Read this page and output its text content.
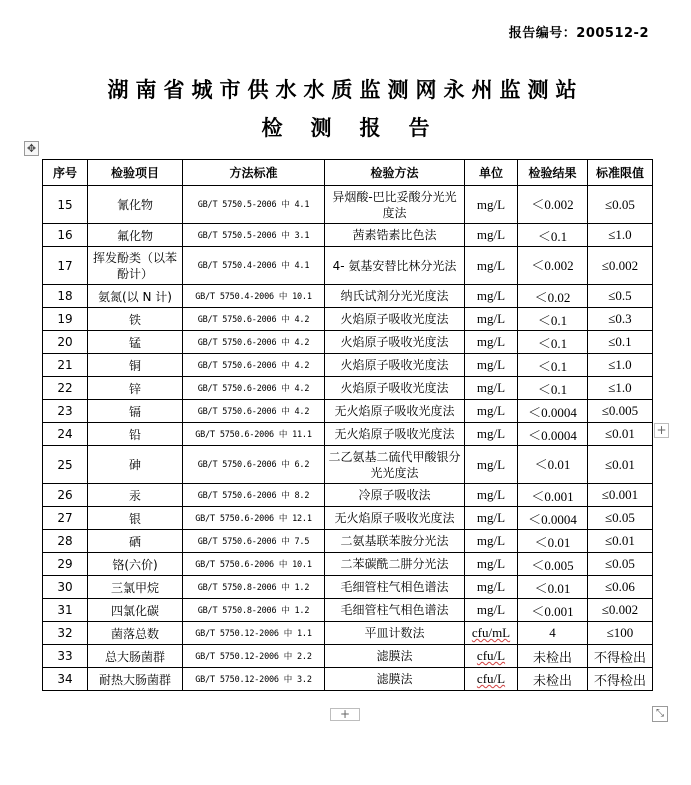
报告编号：200512-2
湖南省城市供水水质监测网永州监测站
检测报告
✥
序号	检验项目	方法标准	检验方法	单位	检验结果	标准限值
15	氰化物	GB/T 5750.5-2006 中 4.1	异烟酸-巴比妥酸分光光度法	mg/L	＜0.002	≤0.05
16	氟化物	GB/T 5750.5-2006 中 3.1	茜素锆素比色法	mg/L	＜0.1	≤1.0
17	挥发酚类（以苯酚计）	GB/T 5750.4-2006 中 4.1	4- 氨基安替比林分光法	mg/L	＜0.002	≤0.002
18	氨氮(以 N 计)	GB/T 5750.4-2006 中 10.1	纳氏试剂分光光度法	mg/L	＜0.02	≤0.5
19	铁	GB/T 5750.6-2006 中 4.2	火焰原子吸收光度法	mg/L	＜0.1	≤0.3
20	锰	GB/T 5750.6-2006 中 4.2	火焰原子吸收光度法	mg/L	＜0.1	≤0.1
21	铜	GB/T 5750.6-2006 中 4.2	火焰原子吸收光度法	mg/L	＜0.1	≤1.0
22	锌	GB/T 5750.6-2006 中 4.2	火焰原子吸收光度法	mg/L	＜0.1	≤1.0
23	镉	GB/T 5750.6-2006 中 4.2	无火焰原子吸收光度法	mg/L	＜0.0004	≤0.005
24	铅	GB/T 5750.6-2006 中 11.1	无火焰原子吸收光度法	mg/L	＜0.0004	≤0.01
25	砷	GB/T 5750.6-2006 中 6.2	二乙氨基二硫代甲酸银分光光度法	mg/L	＜0.01	≤0.01
26	汞	GB/T 5750.6-2006 中 8.2	冷原子吸收法	mg/L	＜0.001	≤0.001
27	银	GB/T 5750.6-2006 中 12.1	无火焰原子吸收光度法	mg/L	＜0.0004	≤0.05
28	硒	GB/T 5750.6-2006 中 7.5	二氨基联苯胺分光法	mg/L	＜0.01	≤0.01
29	铬(六价)	GB/T 5750.6-2006 中 10.1	二苯碳酰二肼分光法	mg/L	＜0.005	≤0.05
30	三氯甲烷	GB/T 5750.8-2006 中 1.2	毛细管柱气相色谱法	mg/L	＜0.01	≤0.06
31	四氯化碳	GB/T 5750.8-2006 中 1.2	毛细管柱气相色谱法	mg/L	＜0.001	≤0.002
32	菌落总数	GB/T 5750.12-2006 中 1.1	平皿计数法	cfu/mL	4	≤100
33	总大肠菌群	GB/T 5750.12-2006 中 2.2	滤膜法	cfu/L	未检出	不得检出
34	耐热大肠菌群	GB/T 5750.12-2006 中 3.2	滤膜法	cfu/L	未检出	不得检出
+
+	⤡
